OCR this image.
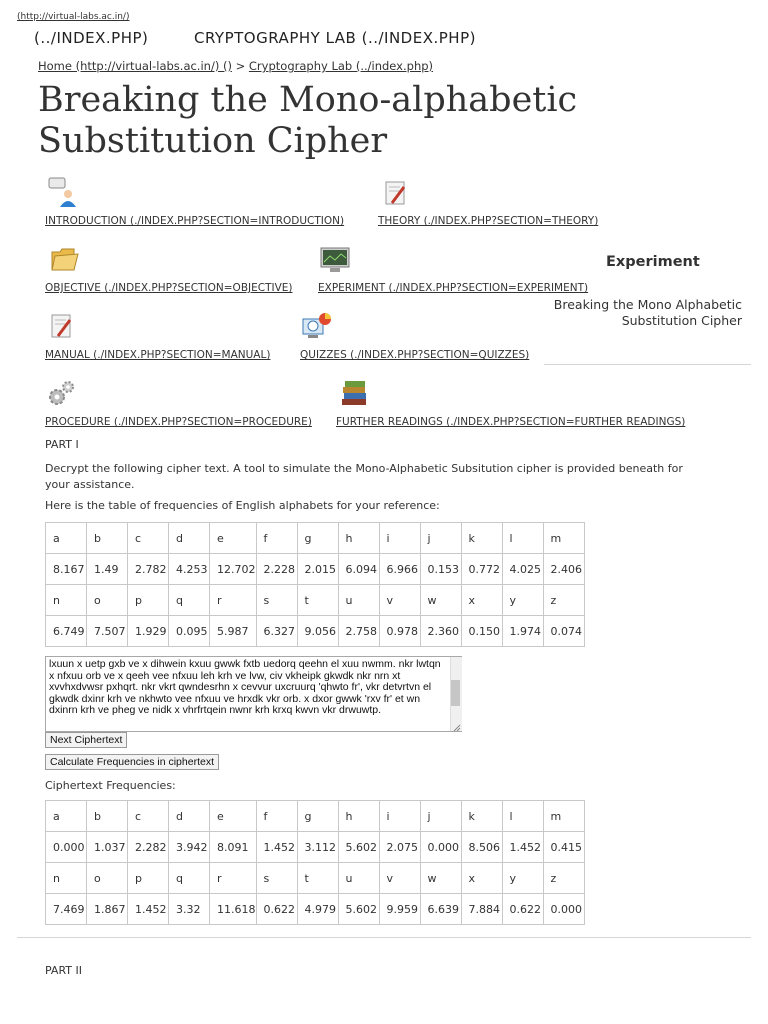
(http://virtual-labs.ac.in/)
(../INDEX.PHP)	CRYPTOGRAPHY LAB (../INDEX.PHP)
Home (http://virtual-labs.ac.in/) () > Cryptography Lab (../index.php)
Breaking the Mono-alphabetic Substitution Cipher
INTRODUCTION (./INDEX.PHP?SECTION=INTRODUCTION)	THEORY (./INDEX.PHP?SECTION=THEORY)
OBJECTIVE (./INDEX.PHP?SECTION=OBJECTIVE) EXPERIMENT (./INDEX.PHP?SECTION=EXPERIMENT)
MANUAL (./INDEX.PHP?SECTION=MANUAL)	QUIZZES (./INDEX.PHP?SECTION=QUIZZES)
PROCEDURE (./INDEX.PHP?SECTION=PROCEDURE) FURTHER READINGS (./INDEX.PHP?SECTION=FURTHER READINGS)
Experiment
Breaking the Mono Alphabetic Substitution Cipher
PART I
Decrypt the following cipher text. A tool to simulate the Mono-Alphabetic Subsitution cipher is provided beneath for your assistance.
Here is the table of frequencies of English alphabets for your reference:
a	b	c	d	e	f	g	h	i	j	k	l	m
8.167	1.49	2.782	4.253	12.702	2.228	2.015	6.094	6.966	0.153	0.772	4.025	2.406
n	o	p	q	r	s	t	u	v	w	x	y	z
6.749	7.507	1.929	0.095	5.987	6.327	9.056	2.758	0.978	2.360	0.150	1.974	0.074
lxuun x uetp gxb ve x dihwein kxuu gwwk fxtb uedorq qeehn el xuu nwmm. nkr lwtqn x nfxuu orb ve x qeeh vee nfxuu leh krh ve lvw, civ vkheipk gkwdk nkr nrn xt xvvhxdvwsr pxhqrt. nkr vkrt qwndesrhn x cevvur uxcruurq 'qhwto fr', vkr detvrtvn el gkwdk dxinr krh ve nkhwto vee nfxuu ve hrxdk vkr orb. x dxor gwwk 'rxv fr' et wn dxinrn krh ve pheg ve nidk x vhrfrtqein nwnr krh krxq kwvn vkr drwuwtp.
Next Ciphertext
Calculate Frequencies in ciphertext
Ciphertext Frequencies:
a	b	c	d	e	f	g	h	i	j	k	l	m
0.000	1.037	2.282	3.942	8.091	1.452	3.112	5.602	2.075	0.000	8.506	1.452	0.415
n	o	p	q	r	s	t	u	v	w	x	y	z
7.469	1.867	1.452	3.32	11.618	0.622	4.979	5.602	9.959	6.639	7.884	0.622	0.000
PART II
